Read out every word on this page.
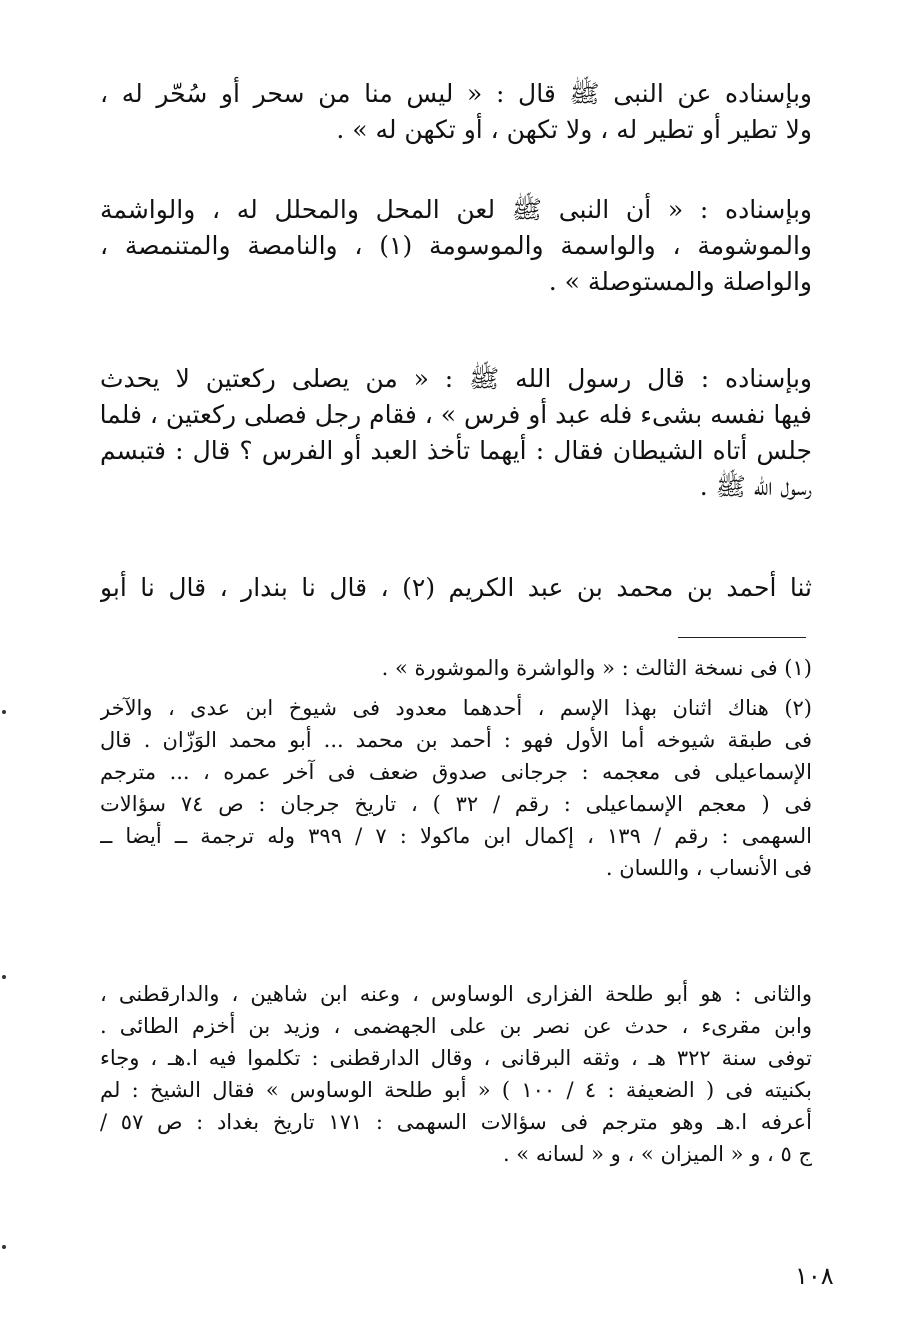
وبإسناده عن النبى ﷺ قال : « ليس منا من سحر أو سُحّر له ،
ولا تطير أو تطير له ، ولا تكهن ، أو تكهن له » .
وبإسناده : « أن النبى ﷺ لعن المحل والمحلل له ، والواشمة
والموشومة ، والواسمة والموسومة (١) ، والنامصة والمتنمصة ،
والواصلة والمستوصلة » .
وبإسناده : قال رسول الله ﷺ : « من يصلى ركعتين لا يحدث
فيها نفسه بشىء فله عبد أو فرس » ، فقام رجل فصلى ركعتين ، فلما
جلس أتاه الشيطان فقال : أيهما تأخذ العبد أو الفرس ؟ قال : فتبسم
رسول الله ﷺ .
ثنا أحمد بن محمد بن عبد الكريم (٢) ، قال نا بندار ، قال نا أبو
(١) فى نسخة الثالث : « والواشرة والموشورة » .
(٢) هناك اثنان بهذا الإسم ، أحدهما معدود فى شيوخ ابن عدى ، والآخر
فى طبقة شيوخه أما الأول فهو : أحمد بن محمد ... أبو محمد الوَزّان . قال
الإسماعيلى فى معجمه : جرجانى صدوق ضعف فى آخر عمره ، ... مترجم
فى ( معجم الإسماعيلى : رقم / ٣٢ ) ، تاريخ جرجان : ص ٧٤ سؤالات
السهمى : رقم / ١٣٩ ، إكمال ابن ماكولا : ٧ / ٣٩٩ وله ترجمة ــ أيضا ــ
فى الأنساب ، واللسان .
والثانى : هو أبو طلحة الفزارى الوساوس ، وعنه ابن شاهين ، والدارقطنى ،
وابن مقرىء ، حدث عن نصر بن على الجهضمى ، وزيد بن أخزم الطائى .
توفى سنة ٣٢٢ هـ ، وثقه البرقانى ، وقال الدارقطنى : تكلموا فيه ا.هـ ، وجاء
بكنيته فى ( الضعيفة : ٤ / ١٠٠ ) « أبو طلحة الوساوس » فقال الشيخ : لم
أعرفه ا.هـ وهو مترجم فى سؤالات السهمى : ١٧١ تاريخ بغداد : ص ٥٧ /
ج ٥ ، و « الميزان » ، و « لسانه » .
١٠٨
